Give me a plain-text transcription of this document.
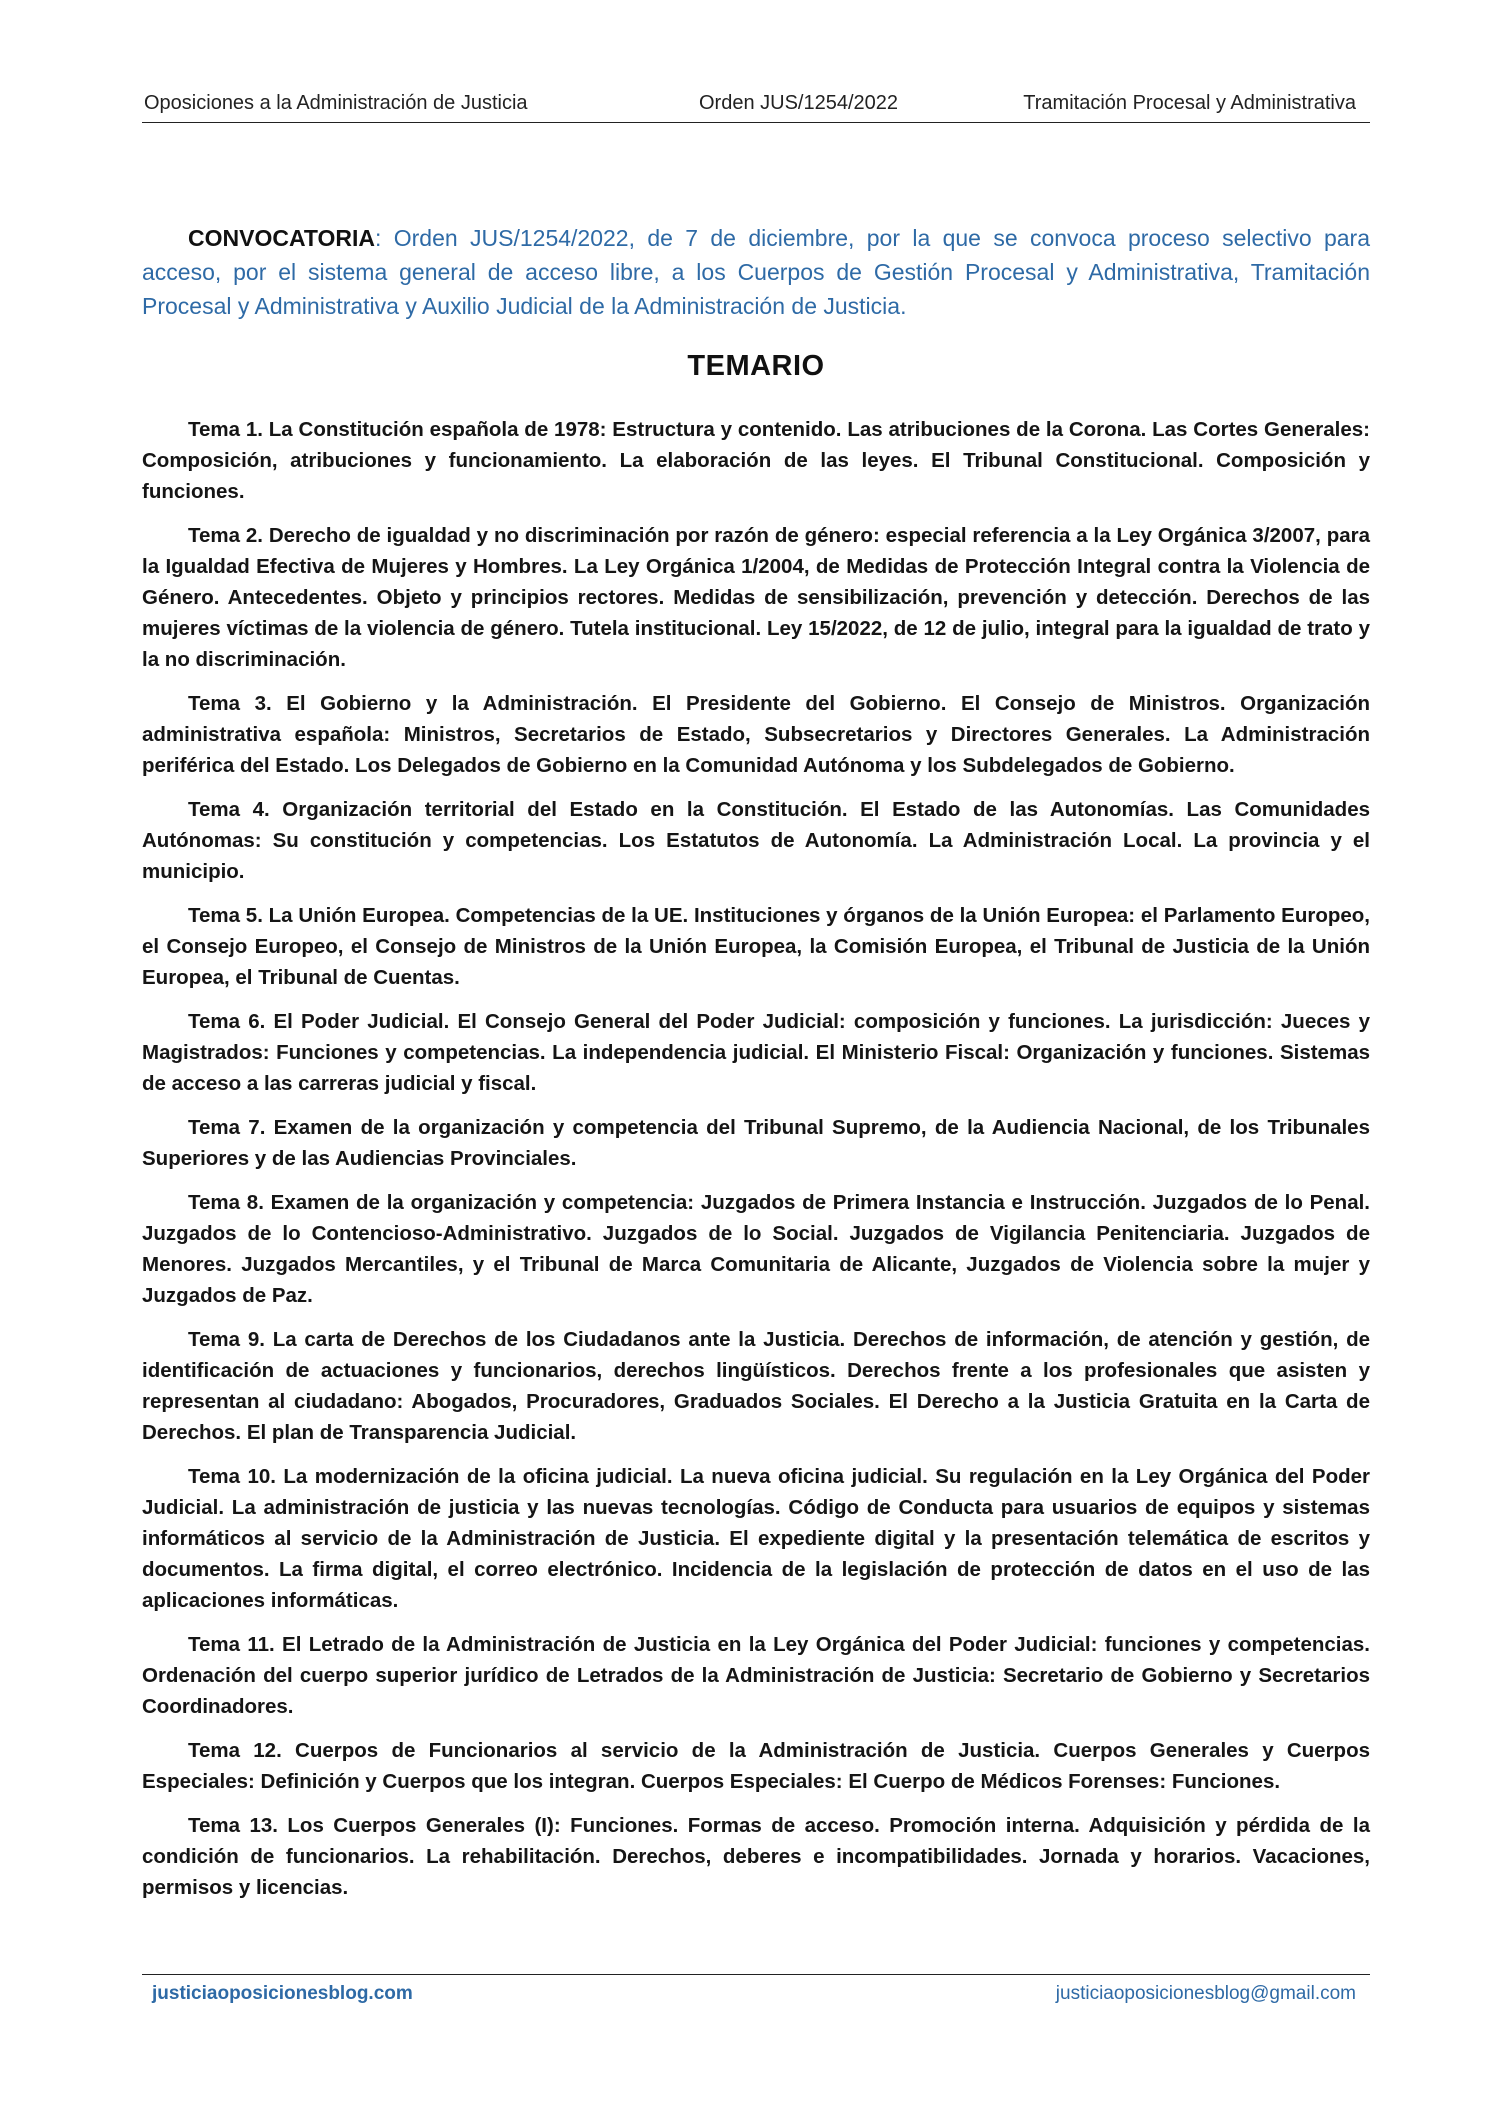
Oposiciones a la Administración de Justicia	Orden JUS/1254/2022	Tramitación Procesal y Administrativa

CONVOCATORIA: Orden JUS/1254/2022, de 7 de diciembre, por la que se convoca proceso selectivo para acceso, por el sistema general de acceso libre, a los Cuerpos de Gestión Procesal y Administrativa, Tramitación Procesal y Administrativa y Auxilio Judicial de la Administración de Justicia.

TEMARIO

Tema 1. La Constitución española de 1978: Estructura y contenido. Las atribuciones de la Corona. Las Cortes Generales: Composición, atribuciones y funcionamiento. La elaboración de las leyes. El Tribunal Constitucional. Composición y funciones.

Tema 2. Derecho de igualdad y no discriminación por razón de género: especial referencia a la Ley Orgánica 3/2007, para la Igualdad Efectiva de Mujeres y Hombres. La Ley Orgánica 1/2004, de Medidas de Protección Integral contra la Violencia de Género. Antecedentes. Objeto y principios rectores. Medidas de sensibilización, prevención y detección. Derechos de las mujeres víctimas de la violencia de género. Tutela institucional. Ley 15/2022, de 12 de julio, integral para la igualdad de trato y la no discriminación.

Tema 3. El Gobierno y la Administración. El Presidente del Gobierno. El Consejo de Ministros. Organización administrativa española: Ministros, Secretarios de Estado, Subsecretarios y Directores Generales. La Administración periférica del Estado. Los Delegados de Gobierno en la Comunidad Autónoma y los Subdelegados de Gobierno.

Tema 4. Organización territorial del Estado en la Constitución. El Estado de las Autonomías. Las Comunidades Autónomas: Su constitución y competencias. Los Estatutos de Autonomía. La Administración Local. La provincia y el municipio.

Tema 5. La Unión Europea. Competencias de la UE. Instituciones y órganos de la Unión Europea: el Parlamento Europeo, el Consejo Europeo, el Consejo de Ministros de la Unión Europea, la Comisión Europea, el Tribunal de Justicia de la Unión Europea, el Tribunal de Cuentas.

Tema 6. El Poder Judicial. El Consejo General del Poder Judicial: composición y funciones. La jurisdicción: Jueces y Magistrados: Funciones y competencias. La independencia judicial. El Ministerio Fiscal: Organización y funciones. Sistemas de acceso a las carreras judicial y fiscal.

Tema 7. Examen de la organización y competencia del Tribunal Supremo, de la Audiencia Nacional, de los Tribunales Superiores y de las Audiencias Provinciales.

Tema 8. Examen de la organización y competencia: Juzgados de Primera Instancia e Instrucción. Juzgados de lo Penal. Juzgados de lo Contencioso-Administrativo. Juzgados de lo Social. Juzgados de Vigilancia Penitenciaria. Juzgados de Menores. Juzgados Mercantiles, y el Tribunal de Marca Comunitaria de Alicante, Juzgados de Violencia sobre la mujer y Juzgados de Paz.

Tema 9. La carta de Derechos de los Ciudadanos ante la Justicia. Derechos de información, de atención y gestión, de identificación de actuaciones y funcionarios, derechos lingüísticos. Derechos frente a los profesionales que asisten y representan al ciudadano: Abogados, Procuradores, Graduados Sociales. El Derecho a la Justicia Gratuita en la Carta de Derechos. El plan de Transparencia Judicial.

Tema 10. La modernización de la oficina judicial. La nueva oficina judicial. Su regulación en la Ley Orgánica del Poder Judicial. La administración de justicia y las nuevas tecnologías. Código de Conducta para usuarios de equipos y sistemas informáticos al servicio de la Administración de Justicia. El expediente digital y la presentación telemática de escritos y documentos. La firma digital, el correo electrónico. Incidencia de la legislación de protección de datos en el uso de las aplicaciones informáticas.

Tema 11. El Letrado de la Administración de Justicia en la Ley Orgánica del Poder Judicial: funciones y competencias. Ordenación del cuerpo superior jurídico de Letrados de la Administración de Justicia: Secretario de Gobierno y Secretarios Coordinadores.

Tema 12. Cuerpos de Funcionarios al servicio de la Administración de Justicia. Cuerpos Generales y Cuerpos Especiales: Definición y Cuerpos que los integran. Cuerpos Especiales: El Cuerpo de Médicos Forenses: Funciones.

Tema 13. Los Cuerpos Generales (I): Funciones. Formas de acceso. Promoción interna. Adquisición y pérdida de la condición de funcionarios. La rehabilitación. Derechos, deberes e incompatibilidades. Jornada y horarios. Vacaciones, permisos y licencias.

justiciaoposicionesblog.com	justiciaoposicionesblog@gmail.com
